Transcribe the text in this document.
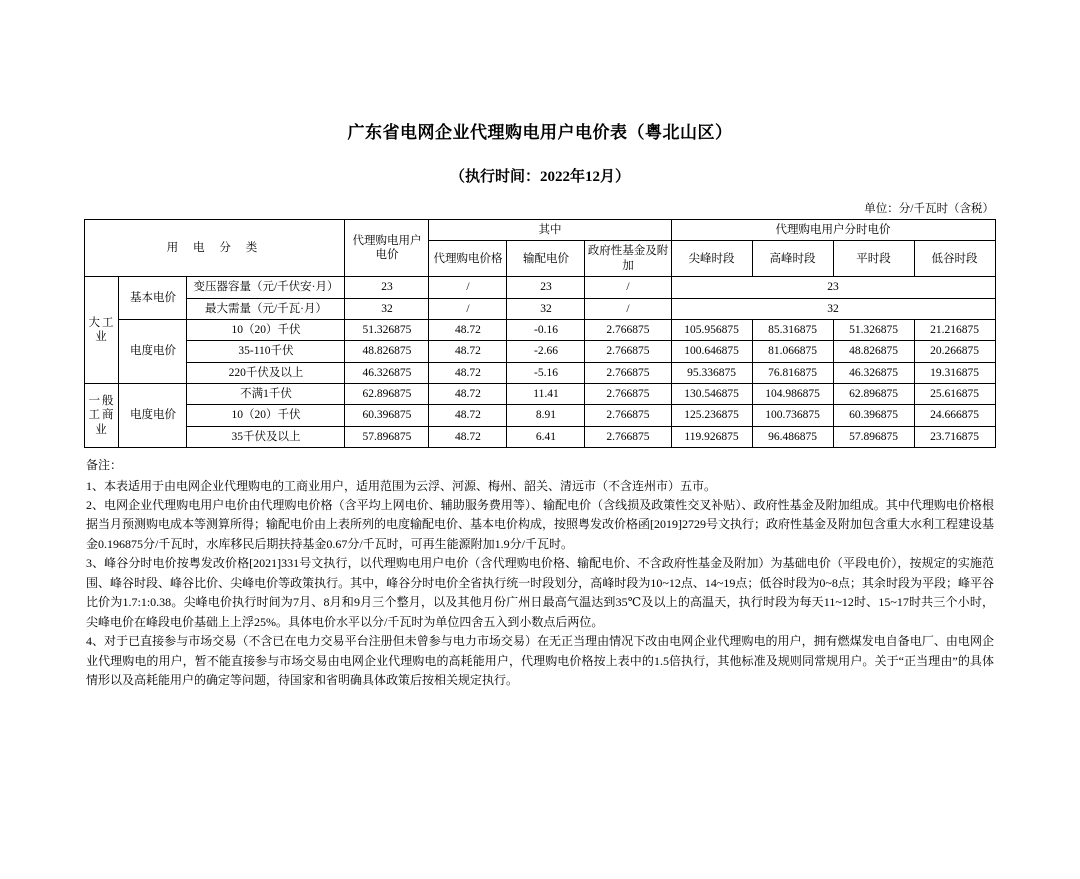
广东省电网企业代理购电用户电价表（粤北山区）
（执行时间：2022年12月）
单位：分/千瓦时（含税）
用 电 分 类			代理购电用户电价	其中			代理购电用户分时电价			
				代理购电价格	输配电价	政府性基金及附加	尖峰时段	高峰时段	平时段	低谷时段
大工业	基本电价	变压器容量（元/千伏安·月）	23	/	23	/	23			
		最大需量（元/千瓦·月）	32	/	32	/	32			
	电度电价	10（20）千伏	51.326875	48.72	-0.16	2.766875	105.956875	85.316875	51.326875	21.216875
		35-110千伏	48.826875	48.72	-2.66	2.766875	100.646875	81.066875	48.826875	20.266875
		220千伏及以上	46.326875	48.72	-5.16	2.766875	95.336875	76.816875	46.326875	19.316875
一般工商业	电度电价	不满1千伏	62.896875	48.72	11.41	2.766875	130.546875	104.986875	62.896875	25.616875
		10（20）千伏	60.396875	48.72	8.91	2.766875	125.236875	100.736875	60.396875	24.666875
		35千伏及以上	57.896875	48.72	6.41	2.766875	119.926875	96.486875	57.896875	23.716875

备注：

1、本表适用于由电网企业代理购电的工商业用户，适用范围为云浮、河源、梅州、韶关、清远市（不含连州市）五市。

2、电网企业代理购电用户电价由代理购电价格（含平均上网电价、辅助服务费用等）、输配电价（含线损及政策性交叉补贴）、政府性基金及附加组成。其中代理购电价格根据当月预测购电成本等测算所得；输配电价由上表所列的电度输配电价、基本电价构成，按照粤发改价格函[2019]2729号文执行；政府性基金及附加包含重大水利工程建设基金0.196875分/千瓦时，水库移民后期扶持基金0.67分/千瓦时，可再生能源附加1.9分/千瓦时。

3、峰谷分时电价按粤发改价格[2021]331号文执行，以代理购电用户电价（含代理购电价格、输配电价、不含政府性基金及附加）为基础电价（平段电价），按规定的实施范围、峰谷时段、峰谷比价、尖峰电价等政策执行。其中，峰谷分时电价全省执行统一时段划分，高峰时段为10~12点、14~19点；低谷时段为0~8点；其余时段为平段；峰平谷比价为1.7:1:0.38。尖峰电价执行时间为7月、8月和9月三个整月，以及其他月份广州日最高气温达到35℃及以上的高温天，执行时段为每天11~12时、15~17时共三个小时，尖峰电价在峰段电价基础上上浮25%。具体电价水平以分/千瓦时为单位四舍五入到小数点后两位。

4、对于已直接参与市场交易（不含已在电力交易平台注册但未曾参与电力市场交易）在无正当理由情况下改由电网企业代理购电的用户，拥有燃煤发电自备电厂、由电网企业代理购电的用户，暂不能直接参与市场交易由电网企业代理购电的高耗能用户，代理购电价格按上表中的1.5倍执行，其他标准及规则同常规用户。关于“正当理由”的具体情形以及高耗能用户的确定等问题，待国家和省明确具体政策后按相关规定执行。
